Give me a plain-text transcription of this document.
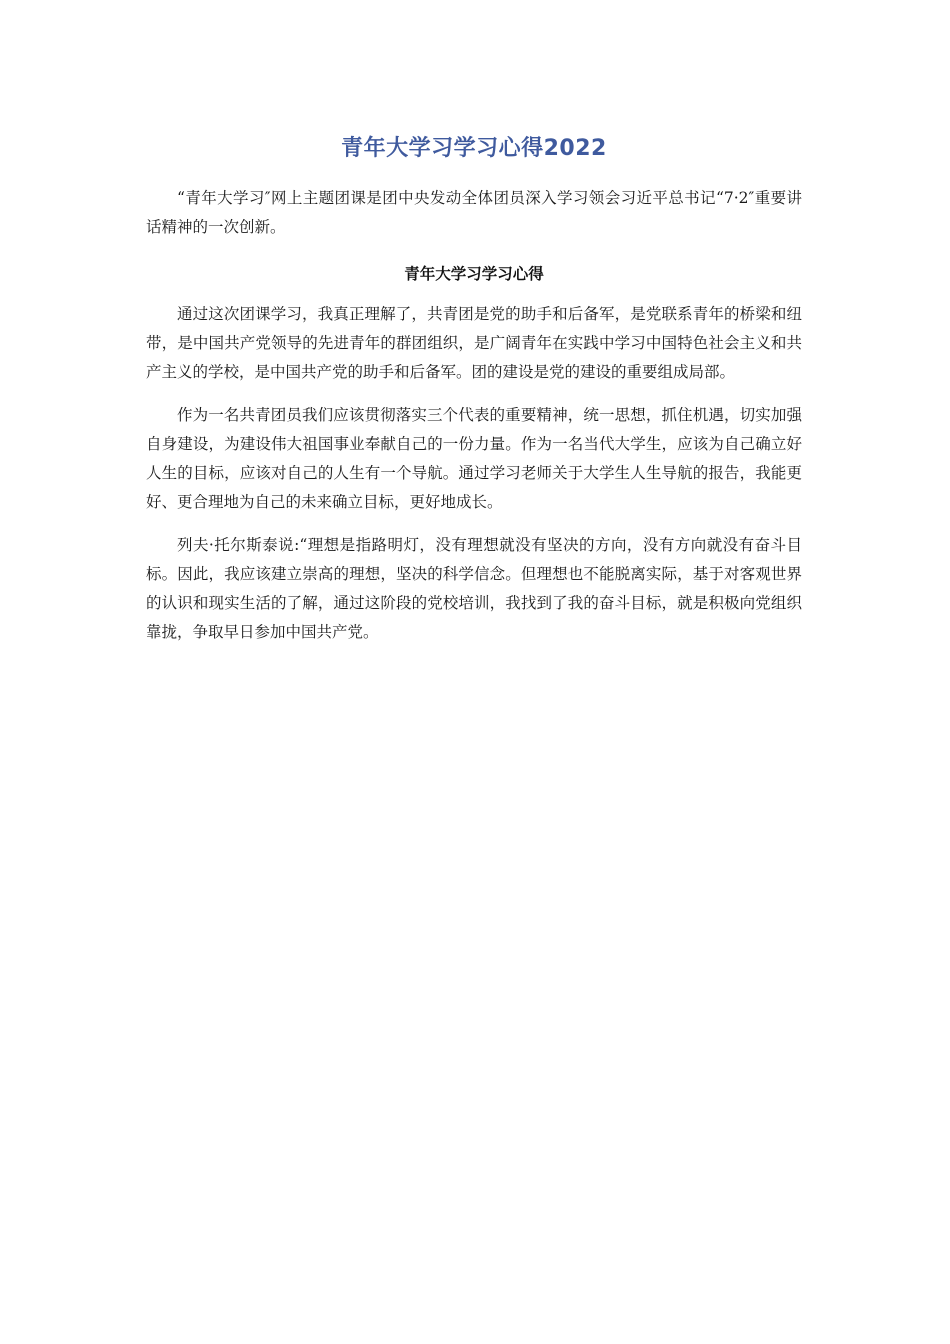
青年大学习学习心得2022

“青年大学习″网上主题团课是团中央发动全体团员深入学习领会习近平总书记“7·2″重要讲话精神的一次创新。

青年大学习学习心得

通过这次团课学习，我真正理解了，共青团是党的助手和后备军，是党联系青年的桥梁和纽带，是中国共产党领导的先进青年的群团组织，是广阔青年在实践中学习中国特色社会主义和共产主义的学校，是中国共产党的助手和后备军。团的建设是党的建设的重要组成局部。

作为一名共青团员我们应该贯彻落实三个代表的重要精神，统一思想，抓住机遇，切实加强自身建设，为建设伟大祖国事业奉献自己的一份力量。作为一名当代大学生，应该为自己确立好人生的目标，应该对自己的人生有一个导航。通过学习老师关于大学生人生导航的报告，我能更好、更合理地为自己的未来确立目标，更好地成长。

列夫·托尔斯泰说:“理想是指路明灯，没有理想就没有坚决的方向，没有方向就没有奋斗目标。因此，我应该建立崇高的理想，坚决的科学信念。但理想也不能脱离实际，基于对客观世界的认识和现实生活的了解，通过这阶段的党校培训，我找到了我的奋斗目标，就是积极向党组织靠拢，争取早日参加中国共产党。
